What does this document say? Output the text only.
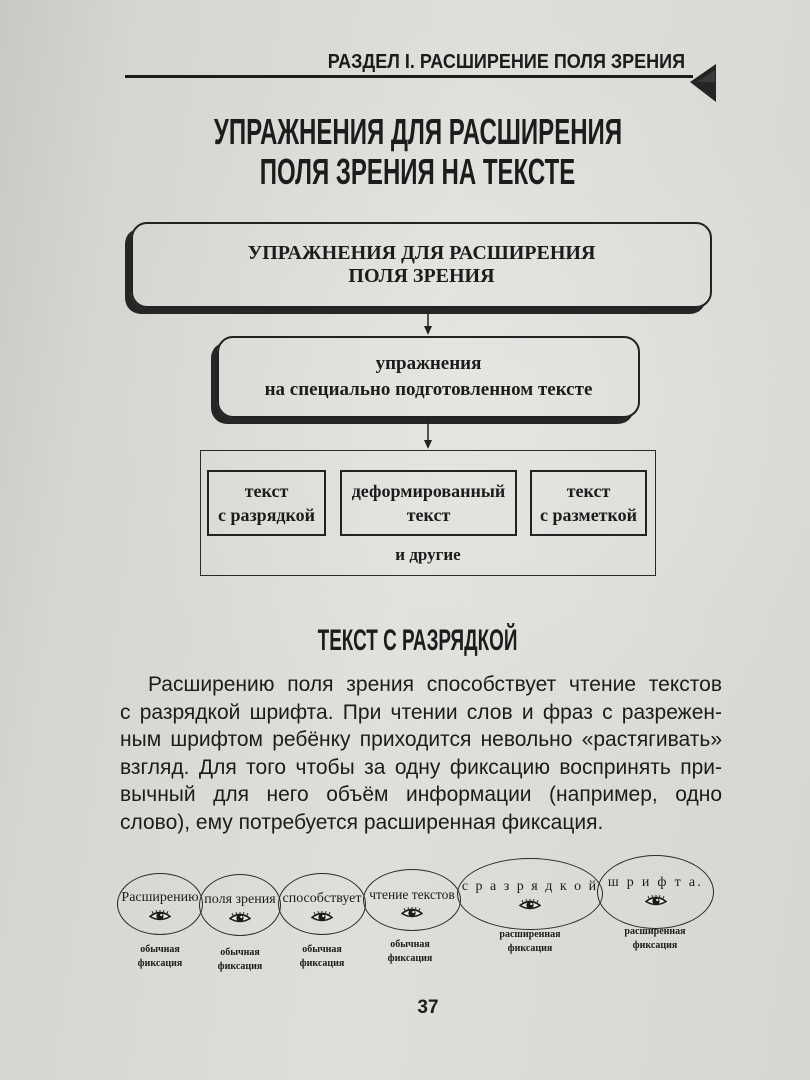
РАЗДЕЛ I. РАСШИРЕНИЕ ПОЛЯ ЗРЕНИЯ
УПРАЖНЕНИЯ ДЛЯ РАСШИРЕНИЯ
ПОЛЯ ЗРЕНИЯ НА ТЕКСТЕ
УПРАЖНЕНИЯ ДЛЯ РАСШИРЕНИЯ
ПОЛЯ ЗРЕНИЯ
упражнения
на специально подготовленном тексте
текст
с разрядкой
деформированный
текст
текст
с разметкой
и другие
ТЕКСТ С РАЗРЯДКОЙ
Расширению поля зрения способствует чтение текстов
с разрядкой шрифта. При чтении слов и фраз с разрежен-
ным шрифтом ребёнку приходится невольно «растягивать»
взгляд. Для того чтобы за одну фиксацию воспринять при-
вычный для него объём информации (например, одно
слово), ему потребуется расширенная фиксация.
Расширению поля зрения способствует чтение текстов
с р а з р я д к о й ш р и ф т а.
обычная
фиксация
обычная
фиксация
обычная
фиксация
обычная
фиксация
расширенная
фиксация
расширенная
фиксация
37
